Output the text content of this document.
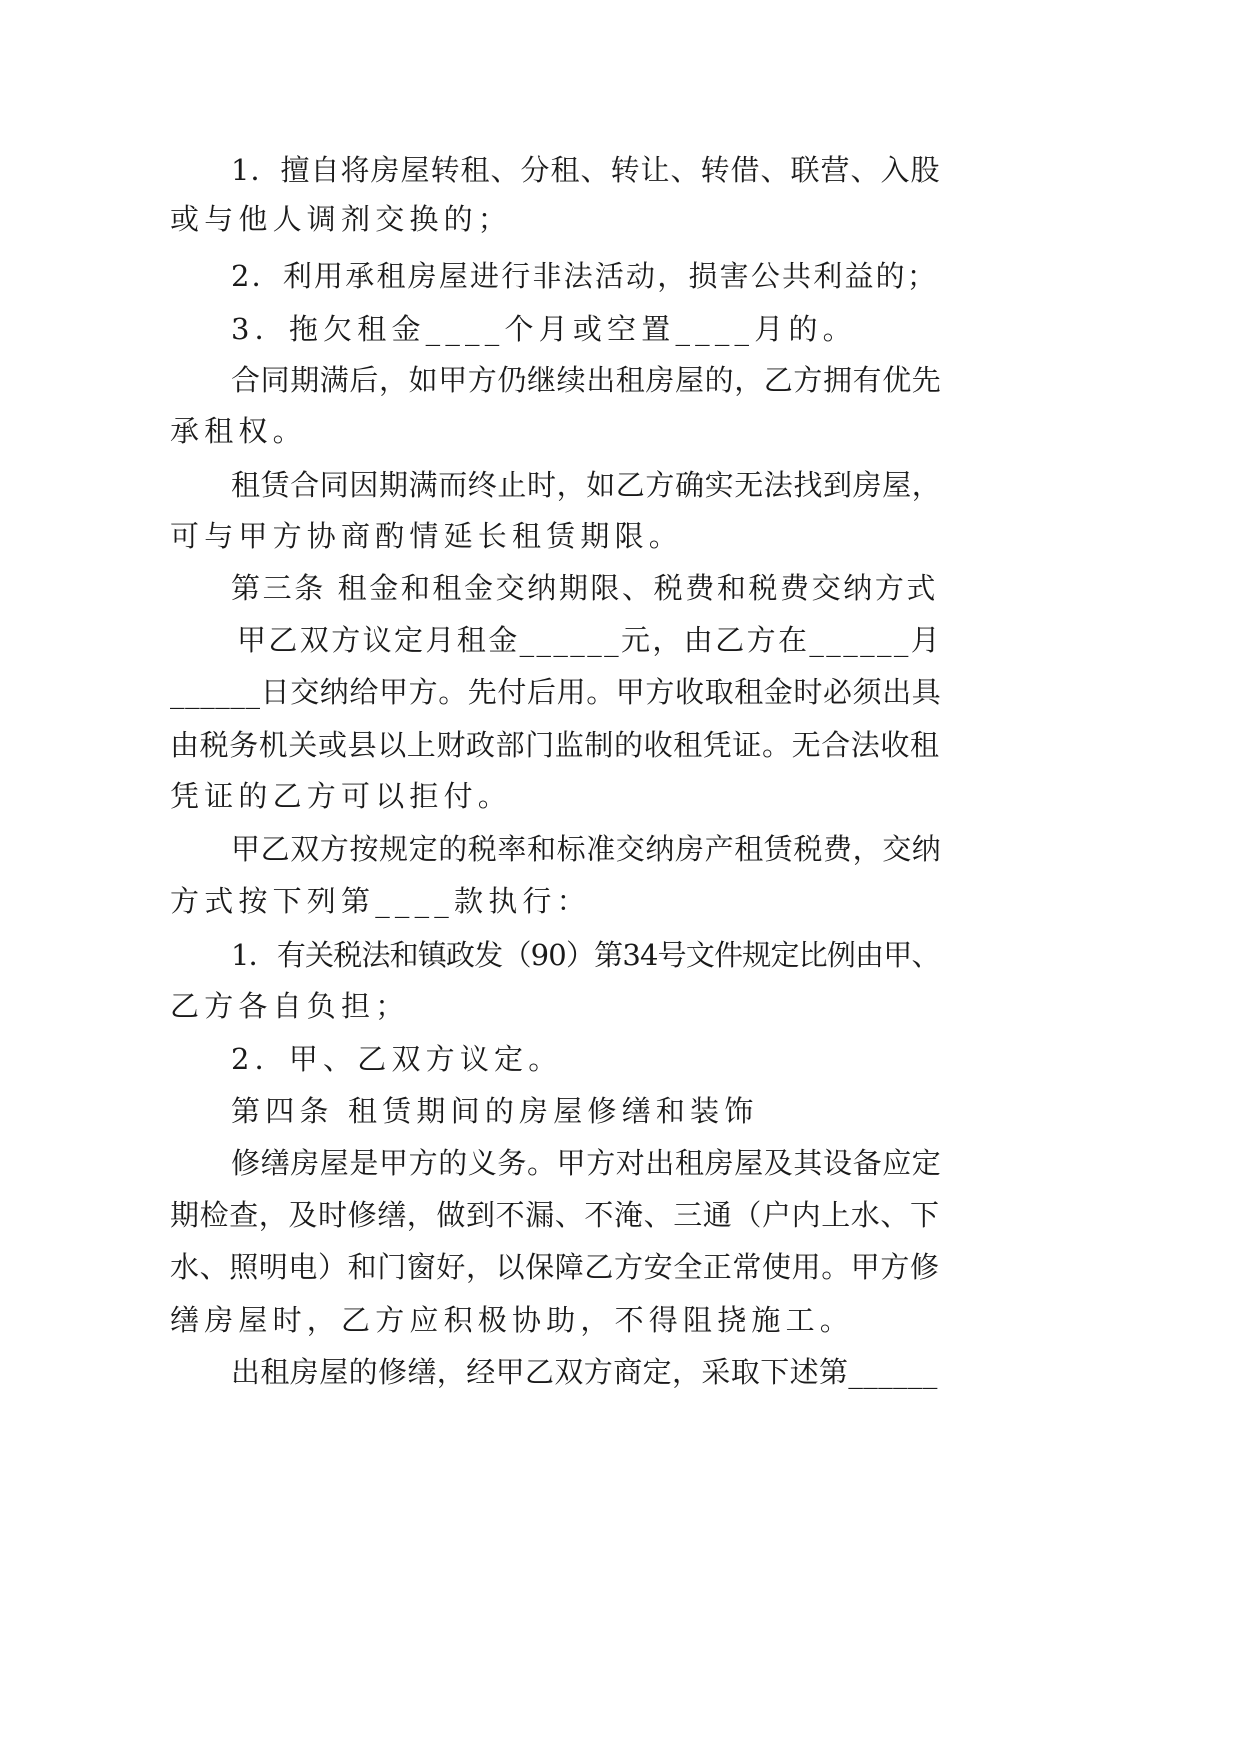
1．擅自将房屋转租、分租、转让、转借、联营、入股
或与他人调剂交换的；
2．利用承租房屋进行非法活动，损害公共利益的；
3．拖欠租金____个月或空置____月的。
合同期满后，如甲方仍继续出租房屋的，乙方拥有优先
承租权。
租赁合同因期满而终止时，如乙方确实无法找到房屋，
可与甲方协商酌情延长租赁期限。
第三条 租金和租金交纳期限、税费和税费交纳方式
甲乙双方议定月租金______元，由乙方在______月
______日交纳给甲方。先付后用。甲方收取租金时必须出具
由税务机关或县以上财政部门监制的收租凭证。无合法收租
凭证的乙方可以拒付。
甲乙双方按规定的税率和标准交纳房产租赁税费，交纳
方式按下列第____款执行：
1．有关税法和镇政发（90）第34号文件规定比例由甲、
乙方各自负担；
2．甲、乙双方议定。
第四条 租赁期间的房屋修缮和装饰
修缮房屋是甲方的义务。甲方对出租房屋及其设备应定
期检查，及时修缮，做到不漏、不淹、三通（户内上水、下
水、照明电）和门窗好，以保障乙方安全正常使用。甲方修
缮房屋时，乙方应积极协助，不得阻挠施工。
出租房屋的修缮，经甲乙双方商定，采取下述第______
